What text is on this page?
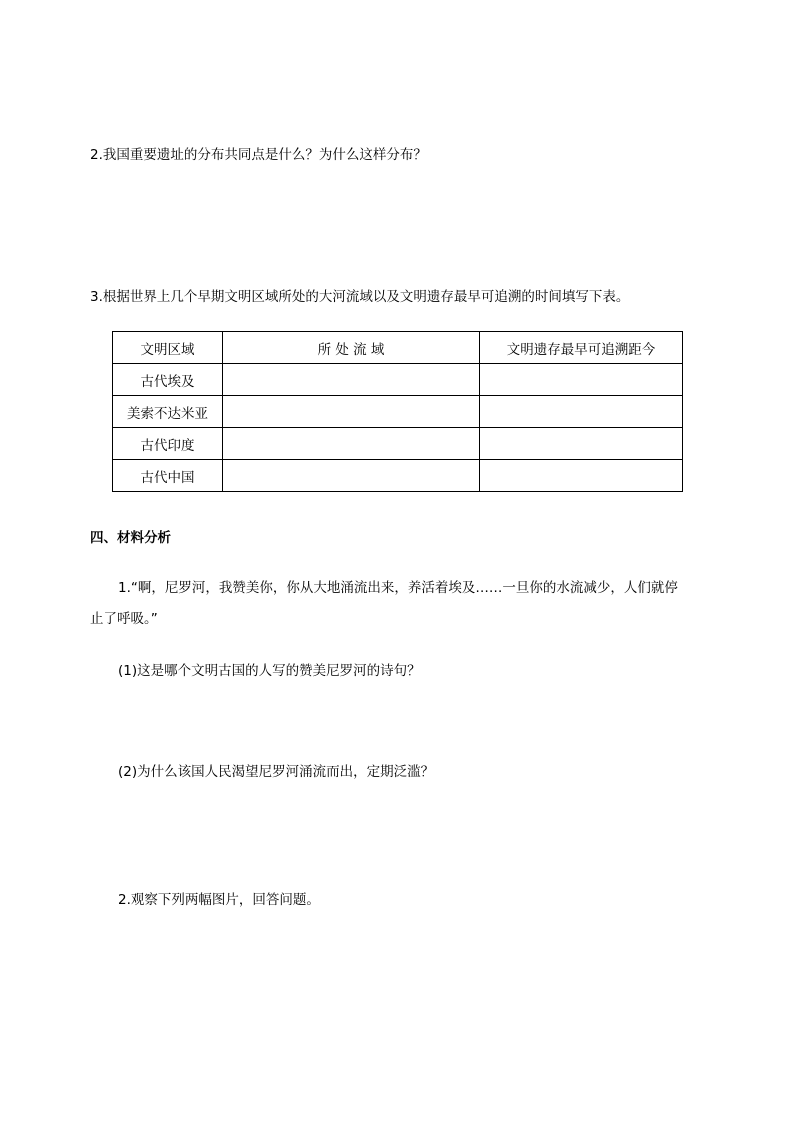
2.我国重要遗址的分布共同点是什么？为什么这样分布？
3.根据世界上几个早期文明区域所处的大河流域以及文明遗存最早可追溯的时间填写下表。
文明区域	所 处 流 域	文明遗存最早可追溯距今
古代埃及		
美索不达米亚		
古代印度		
古代中国		
四、材料分析
1.“啊，尼罗河，我赞美你，你从大地涌流出来，养活着埃及……一旦你的水流减少，人们就停
止了呼吸。”
(1)这是哪个文明古国的人写的赞美尼罗河的诗句？
(2)为什么该国人民渴望尼罗河涌流而出，定期泛滥？
2.观察下列两幅图片，回答问题。
